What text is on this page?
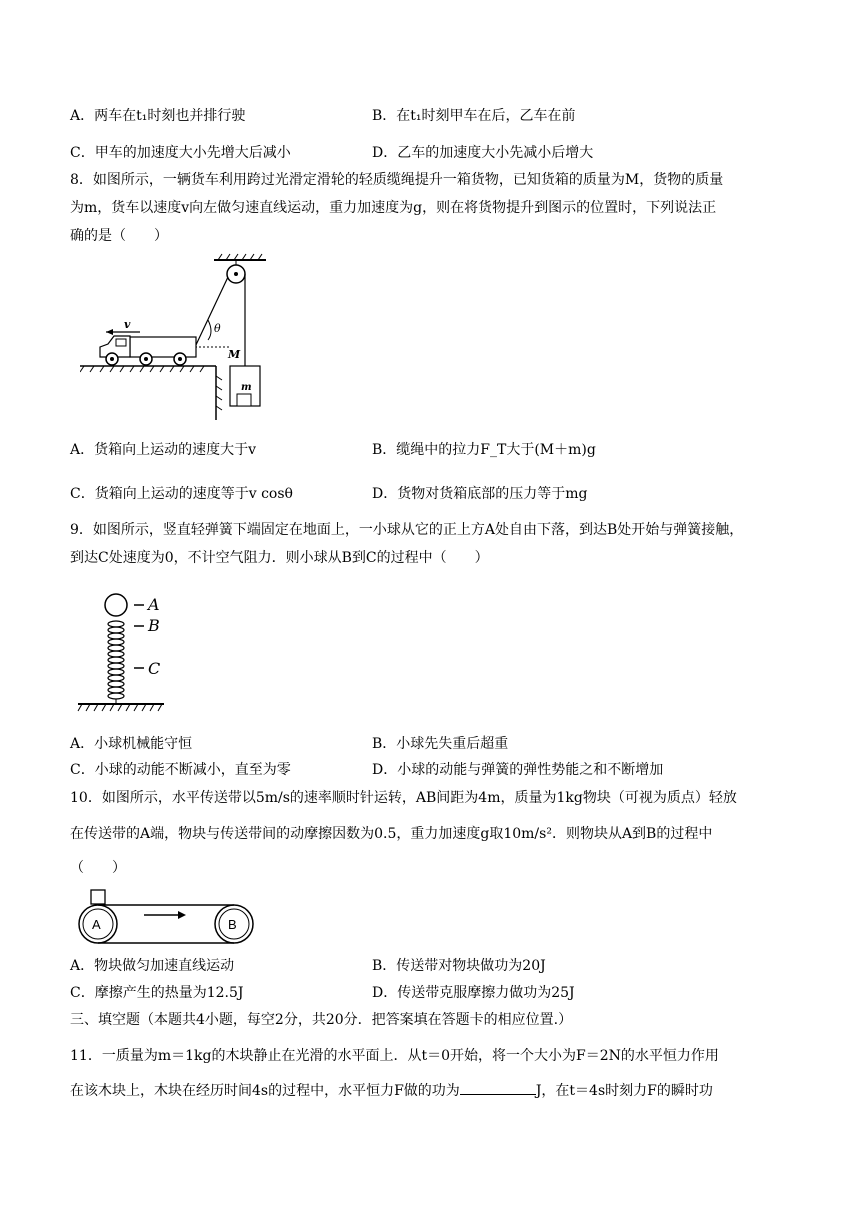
A．两车在t₁时刻也并排行驶	B．在t₁时刻甲车在后，乙车在前
C．甲车的加速度大小先增大后减小	D．乙车的加速度大小先减小后增大
8．如图所示，一辆货车利用跨过光滑定滑轮的轻质缆绳提升一箱货物，已知货箱的质量为M，货物的质量
为m，货车以速度v向左做匀速直线运动，重力加速度为g，则在将货物提升到图示的位置时，下列说法正
确的是（　　）
θ
M
v
m
A．货箱向上运动的速度大于v	B．缆绳中的拉力F_T大于(M＋m)g
C．货箱向上运动的速度等于v cosθ	D．货物对货箱底部的压力等于mg
9．如图所示，竖直轻弹簧下端固定在地面上，一小球从它的正上方A处自由下落，到达B处开始与弹簧接触，
到达C处速度为0，不计空气阻力．则小球从B到C的过程中（　　）
A
B
C
A．小球机械能守恒	B．小球先失重后超重
C．小球的动能不断减小，直至为零	D．小球的动能与弹簧的弹性势能之和不断增加
10．如图所示，水平传送带以5m/s的速率顺时针运转，AB间距为4m，质量为1kg物块（可视为质点）轻放
在传送带的A端，物块与传送带间的动摩擦因数为0.5，重力加速度g取10m/s²．则物块从A到B的过程中
（　　）
A	B
A．物块做匀加速直线运动	B．传送带对物块做功为20J
C．摩擦产生的热量为12.5J	D．传送带克服摩擦力做功为25J
三、填空题（本题共4小题，每空2分，共20分．把答案填在答题卡的相应位置.）
11．一质量为m＝1kg的木块静止在光滑的水平面上．从t＝0开始，将一个大小为F＝2N的水平恒力作用
在该木块上，木块在经历时间4s的过程中，水平恒力F做的功为	J，在t＝4s时刻力F的瞬时功
